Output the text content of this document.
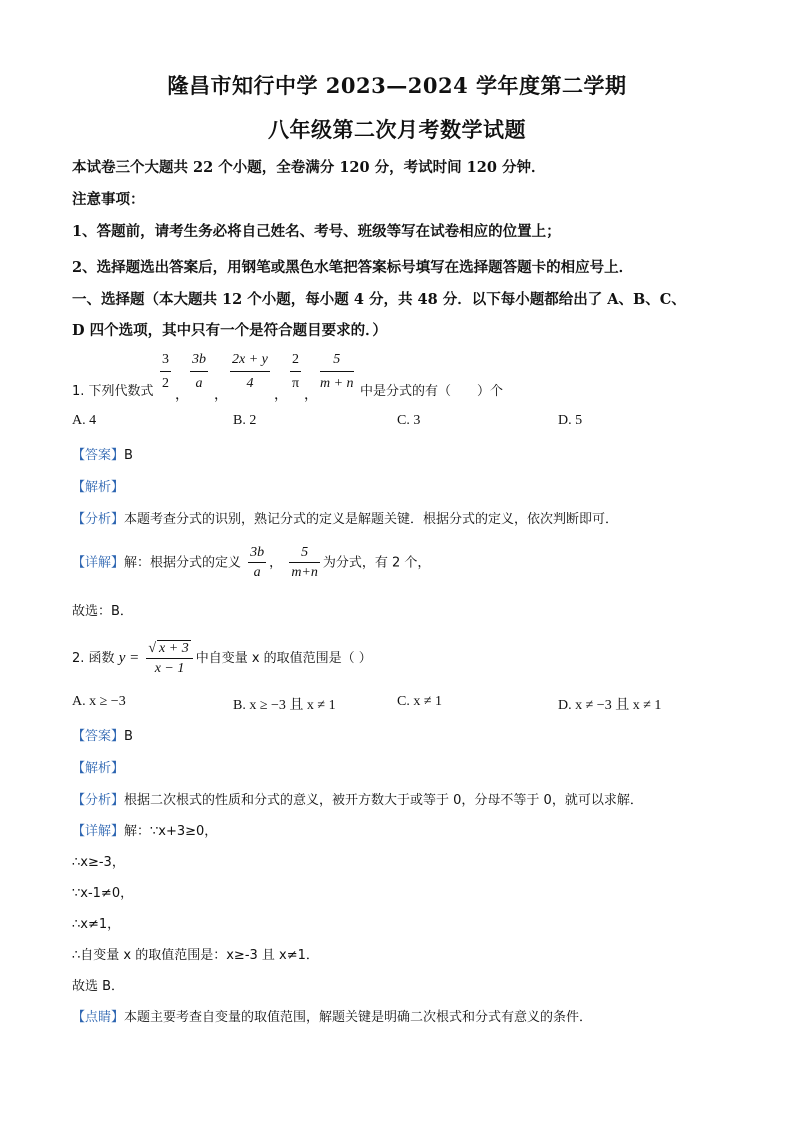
隆昌市知行中学 2023—2024 学年度第二学期
八年级第二次月考数学试题
本试卷三个大题共 22 个小题，全卷满分 120 分，考试时间 120 分钟．
注意事项：
1、答题前，请考生务必将自己姓名、考号、班级等写在试卷相应的位置上；
2、选择题选出答案后，用钢笔或黑色水笔把答案标号填写在选择题答题卡的相应号上．
一、选择题（本大题共 12 个小题，每小题 4 分，共 48 分．以下每小题都给出了 A、B、C、
D 四个选项，其中只有一个是符合题目要求的．）
1. 下列代数式 $\frac{3}{2}$
，
$\frac{3b}{a}$
，
$\frac{2x + y}{4}$
，
$\frac{2}{\pi}$
，
$\frac{5}{m + n}$ 中是分式的有（　　）个
A. 4	B. 2	C. 3	D. 5
【答案】B
【解析】
【分析】本题考查分式的识别，熟记分式的定义是解题关键．根据分式的定义，依次判断即可．
【详解】解：根据分式的定义 $\frac{3b}{a}$ ， $\frac{5}{m+n}$ 为分式，有 2 个，
故选：B．
2. 函数 $y = \frac{√ x + 3}{x - 1}$ 中自变量 x 的取值范围是（ ）
A. x ≥ −3	B. x ≥ −3 且 x ≠ 1	C. x ≠ 1	D. x ≠ −3 且 x ≠ 1
【答案】B
【解析】
【分析】根据二次根式的性质和分式的意义，被开方数大于或等于 0，分母不等于 0，就可以求解．
【详解】解：∵x+3≥0，
∴x≥-3，
∵x-1≠0，
∴x≠1，
∴自变量 x 的取值范围是：x≥-3 且 x≠1．
故选 B．
【点睛】本题主要考查自变量的取值范围，解题关键是明确二次根式和分式有意义的条件．
